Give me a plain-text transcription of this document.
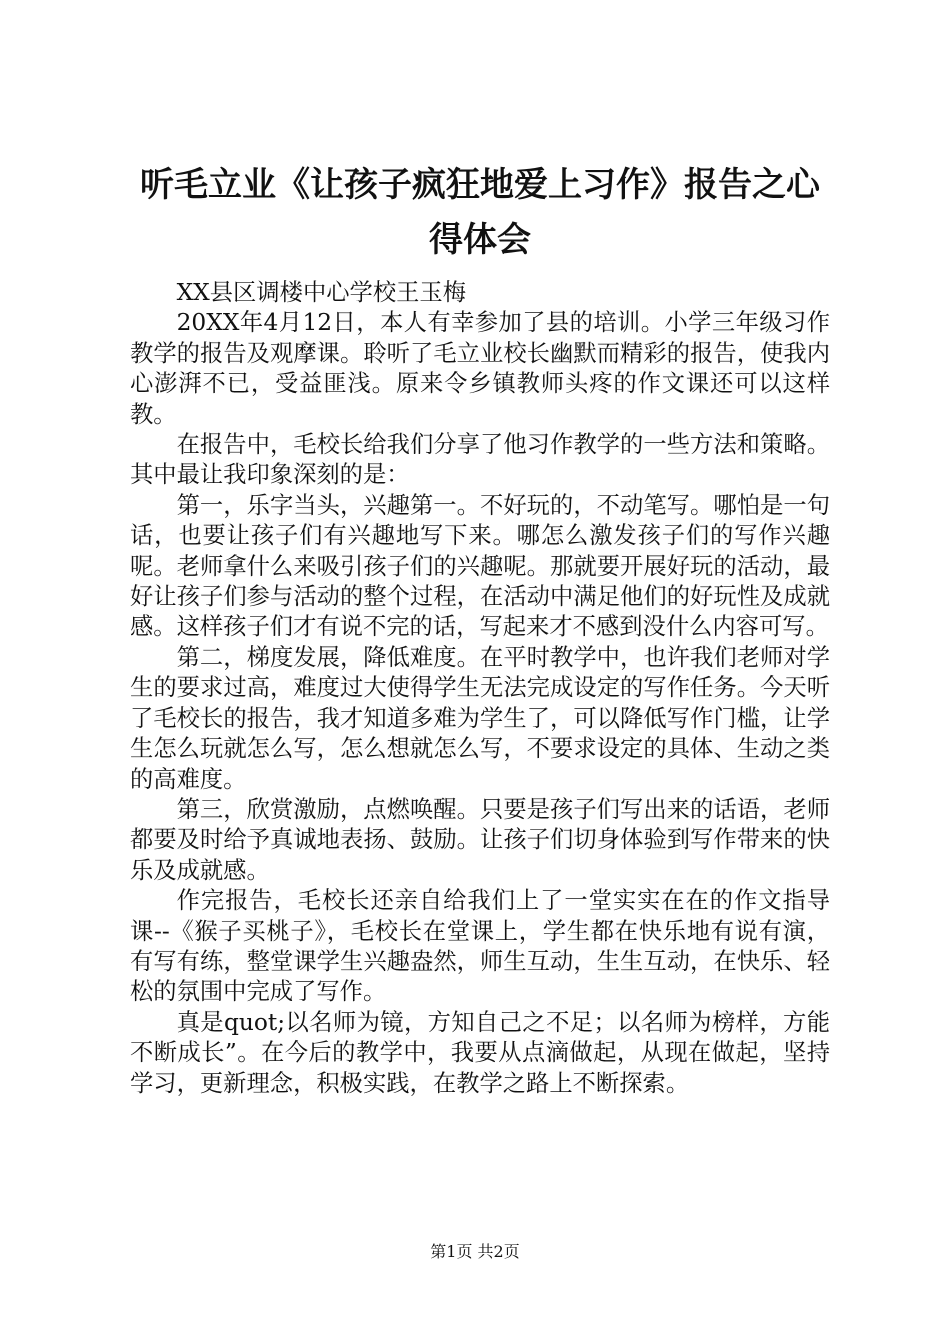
听毛立业《让孩子疯狂地爱上习作》报告之心得体会

XX县区调楼中心学校王玉梅

20XX年4月12日，本人有幸参加了县的培训。小学三年级习作教学的报告及观摩课。聆听了毛立业校长幽默而精彩的报告，使我内心澎湃不已，受益匪浅。原来令乡镇教师头疼的作文课还可以这样教。

在报告中，毛校长给我们分享了他习作教学的一些方法和策略。其中最让我印象深刻的是：

第一，乐字当头，兴趣第一。不好玩的，不动笔写。哪怕是一句话，也要让孩子们有兴趣地写下来。哪怎么激发孩子们的写作兴趣呢。老师拿什么来吸引孩子们的兴趣呢。那就要开展好玩的活动，最好让孩子们参与活动的整个过程，在活动中满足他们的好玩性及成就感。这样孩子们才有说不完的话，写起来才不感到没什么内容可写。

第二，梯度发展，降低难度。在平时教学中，也许我们老师对学生的要求过高，难度过大使得学生无法完成设定的写作任务。今天听了毛校长的报告，我才知道多难为学生了，可以降低写作门槛，让学生怎么玩就怎么写，怎么想就怎么写，不要求设定的具体、生动之类的高难度。

第三，欣赏激励，点燃唤醒。只要是孩子们写出来的话语，老师都要及时给予真诚地表扬、鼓励。让孩子们切身体验到写作带来的快乐及成就感。

作完报告，毛校长还亲自给我们上了一堂实实在在的作文指导课--《猴子买桃子》，毛校长在堂课上，学生都在快乐地有说有演，有写有练，整堂课学生兴趣盎然，师生互动，生生互动，在快乐、轻松的氛围中完成了写作。

真是quot;以名师为镜，方知自己之不足；以名师为榜样，方能不断成长”。在今后的教学中，我要从点滴做起，从现在做起，坚持学习，更新理念，积极实践，在教学之路上不断探索。

第1页 共2页
